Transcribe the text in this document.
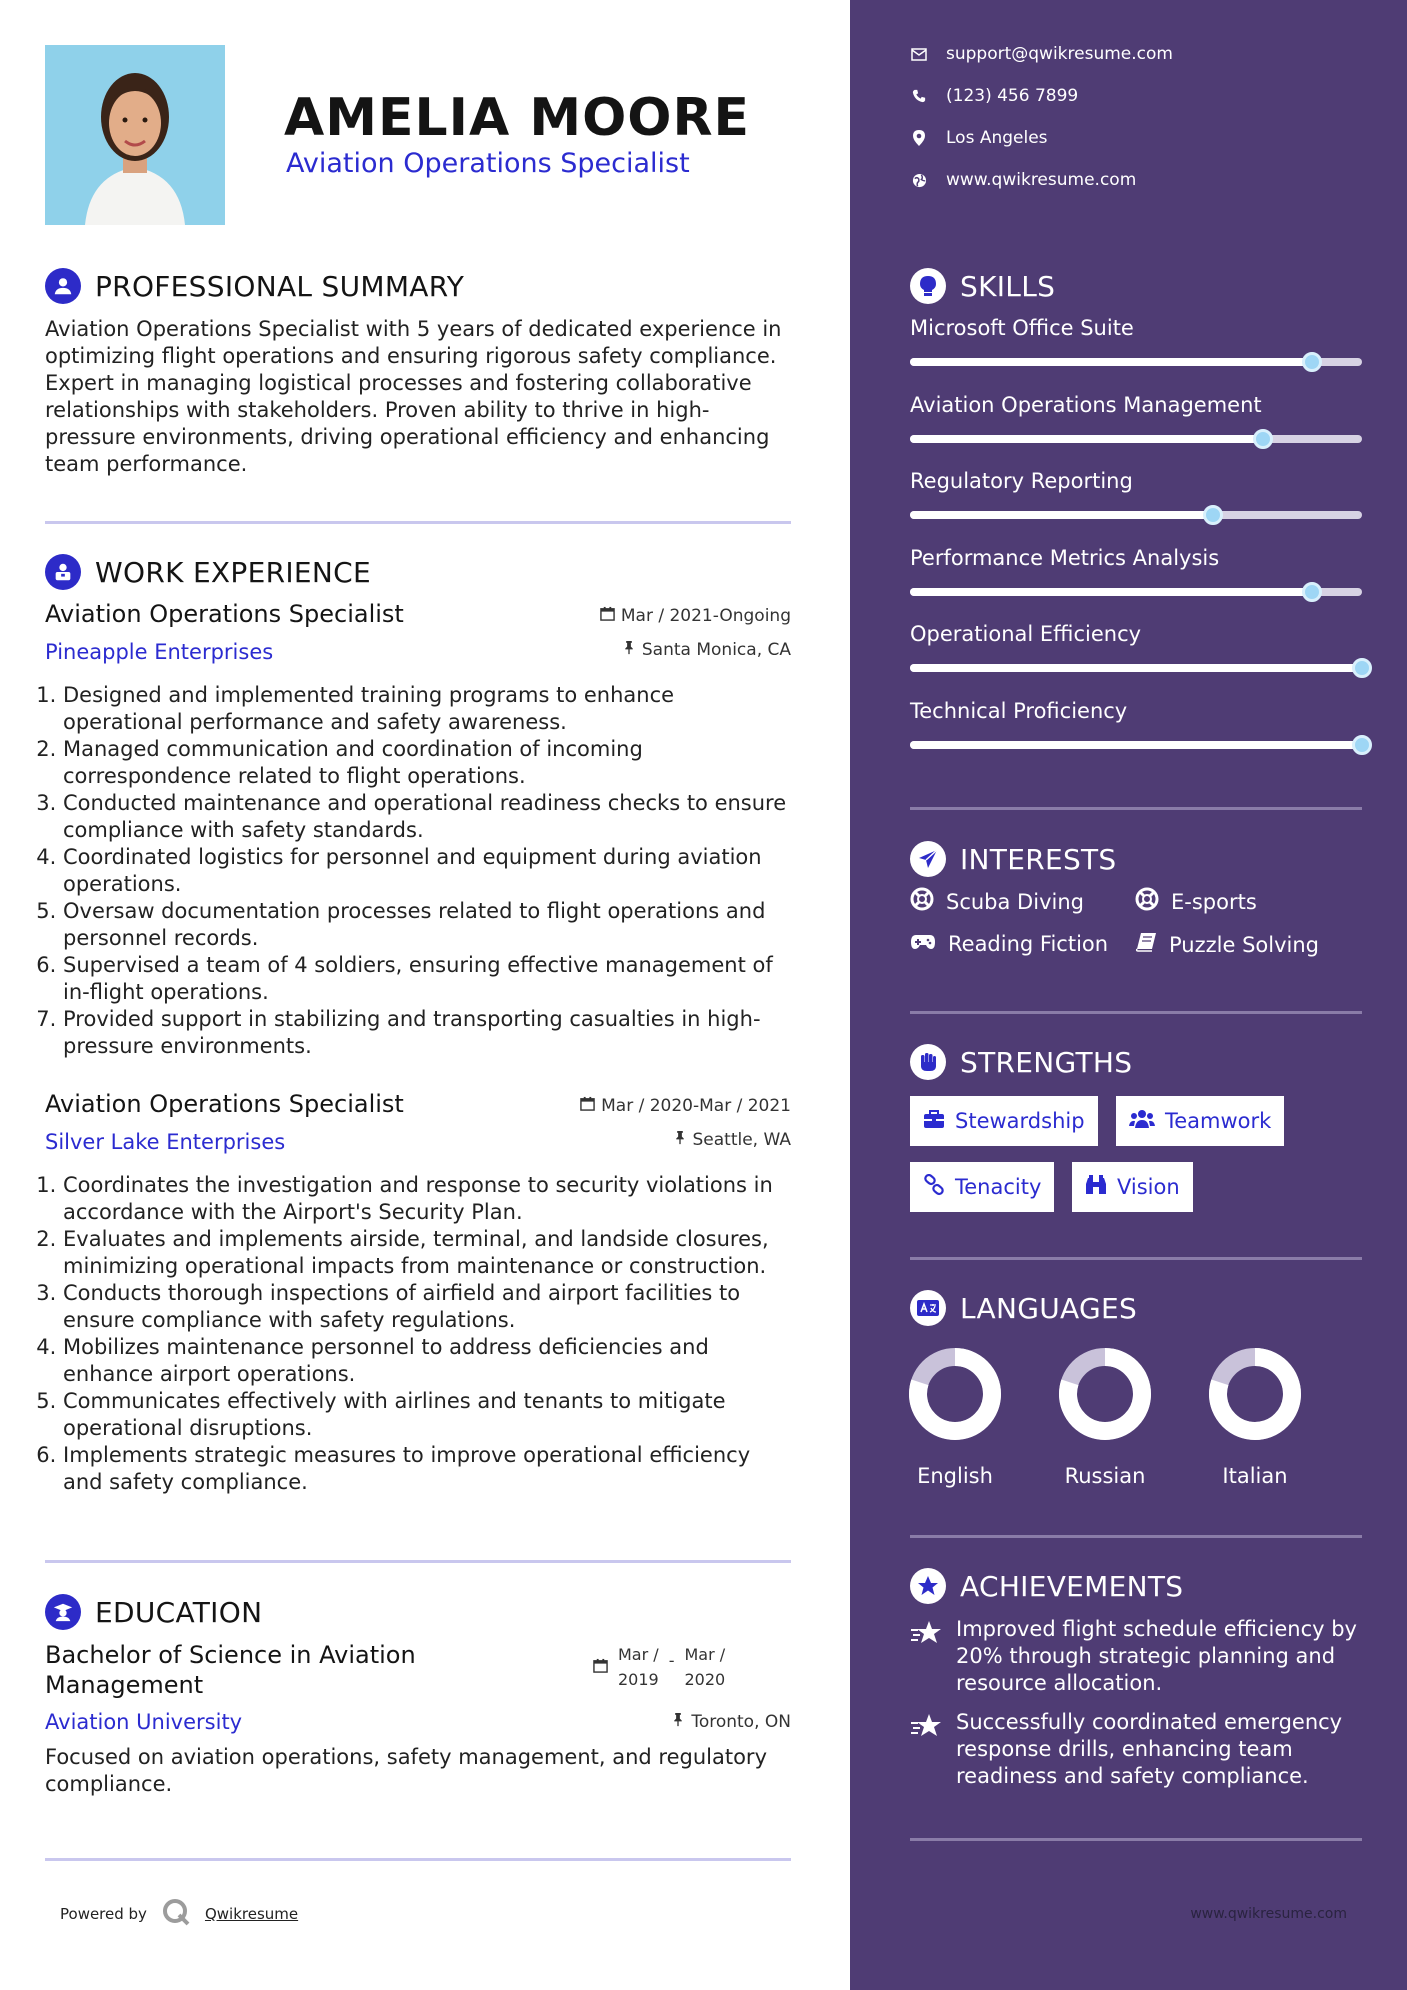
AMELIA MOORE
Aviation Operations Specialist
PROFESSIONAL SUMMARY
Aviation Operations Specialist with 5 years of dedicated experience in optimizing flight operations and ensuring rigorous safety compliance. Expert in managing logistical processes and fostering collaborative relationships with stakeholders. Proven ability to thrive in high-pressure environments, driving operational efficiency and enhancing team performance.
WORK EXPERIENCE
Aviation Operations Specialist
Pineapple Enterprises
Mar / 2021-Ongoing
Santa Monica, CA
1. Designed and implemented training programs to enhance operational performance and safety awareness.
2. Managed communication and coordination of incoming correspondence related to flight operations.
3. Conducted maintenance and operational readiness checks to ensure compliance with safety standards.
4. Coordinated logistics for personnel and equipment during aviation operations.
5. Oversaw documentation processes related to flight operations and personnel records.
6. Supervised a team of 4 soldiers, ensuring effective management of in-flight operations.
7. Provided support in stabilizing and transporting casualties in high-pressure environments.
Aviation Operations Specialist
Silver Lake Enterprises
Mar / 2020-Mar / 2021
Seattle, WA
1. Coordinates the investigation and response to security violations in accordance with the Airport's Security Plan.
2. Evaluates and implements airside, terminal, and landside closures, minimizing operational impacts from maintenance or construction.
3. Conducts thorough inspections of airfield and airport facilities to ensure compliance with safety regulations.
4. Mobilizes maintenance personnel to address deficiencies and enhance airport operations.
5. Communicates effectively with airlines and tenants to mitigate operational disruptions.
6. Implements strategic measures to improve operational efficiency and safety compliance.
EDUCATION
Bachelor of Science in Aviation Management
Aviation University
Focused on aviation operations, safety management, and regulatory compliance.
Mar /
2019
- Mar /
2020
Toronto, ON
Powered by	Qwikresume
support@qwikresume.com
(123) 456 7899
Los Angeles
www.qwikresume.com
SKILLS
Microsoft Office Suite
Aviation Operations Management
Regulatory Reporting
Performance Metrics Analysis
Operational Efficiency
Technical Proficiency
INTERESTS
Scuba Diving	E-sports
Reading Fiction	Puzzle Solving
STRENGTHS
Stewardship	Teamwork
Tenacity	Vision
LANGUAGES
English	Russian	Italian
ACHIEVEMENTS
Improved flight schedule efficiency by 20% through strategic planning and resource allocation.
Successfully coordinated emergency response drills, enhancing team readiness and safety compliance.
www.qwikresume.com
